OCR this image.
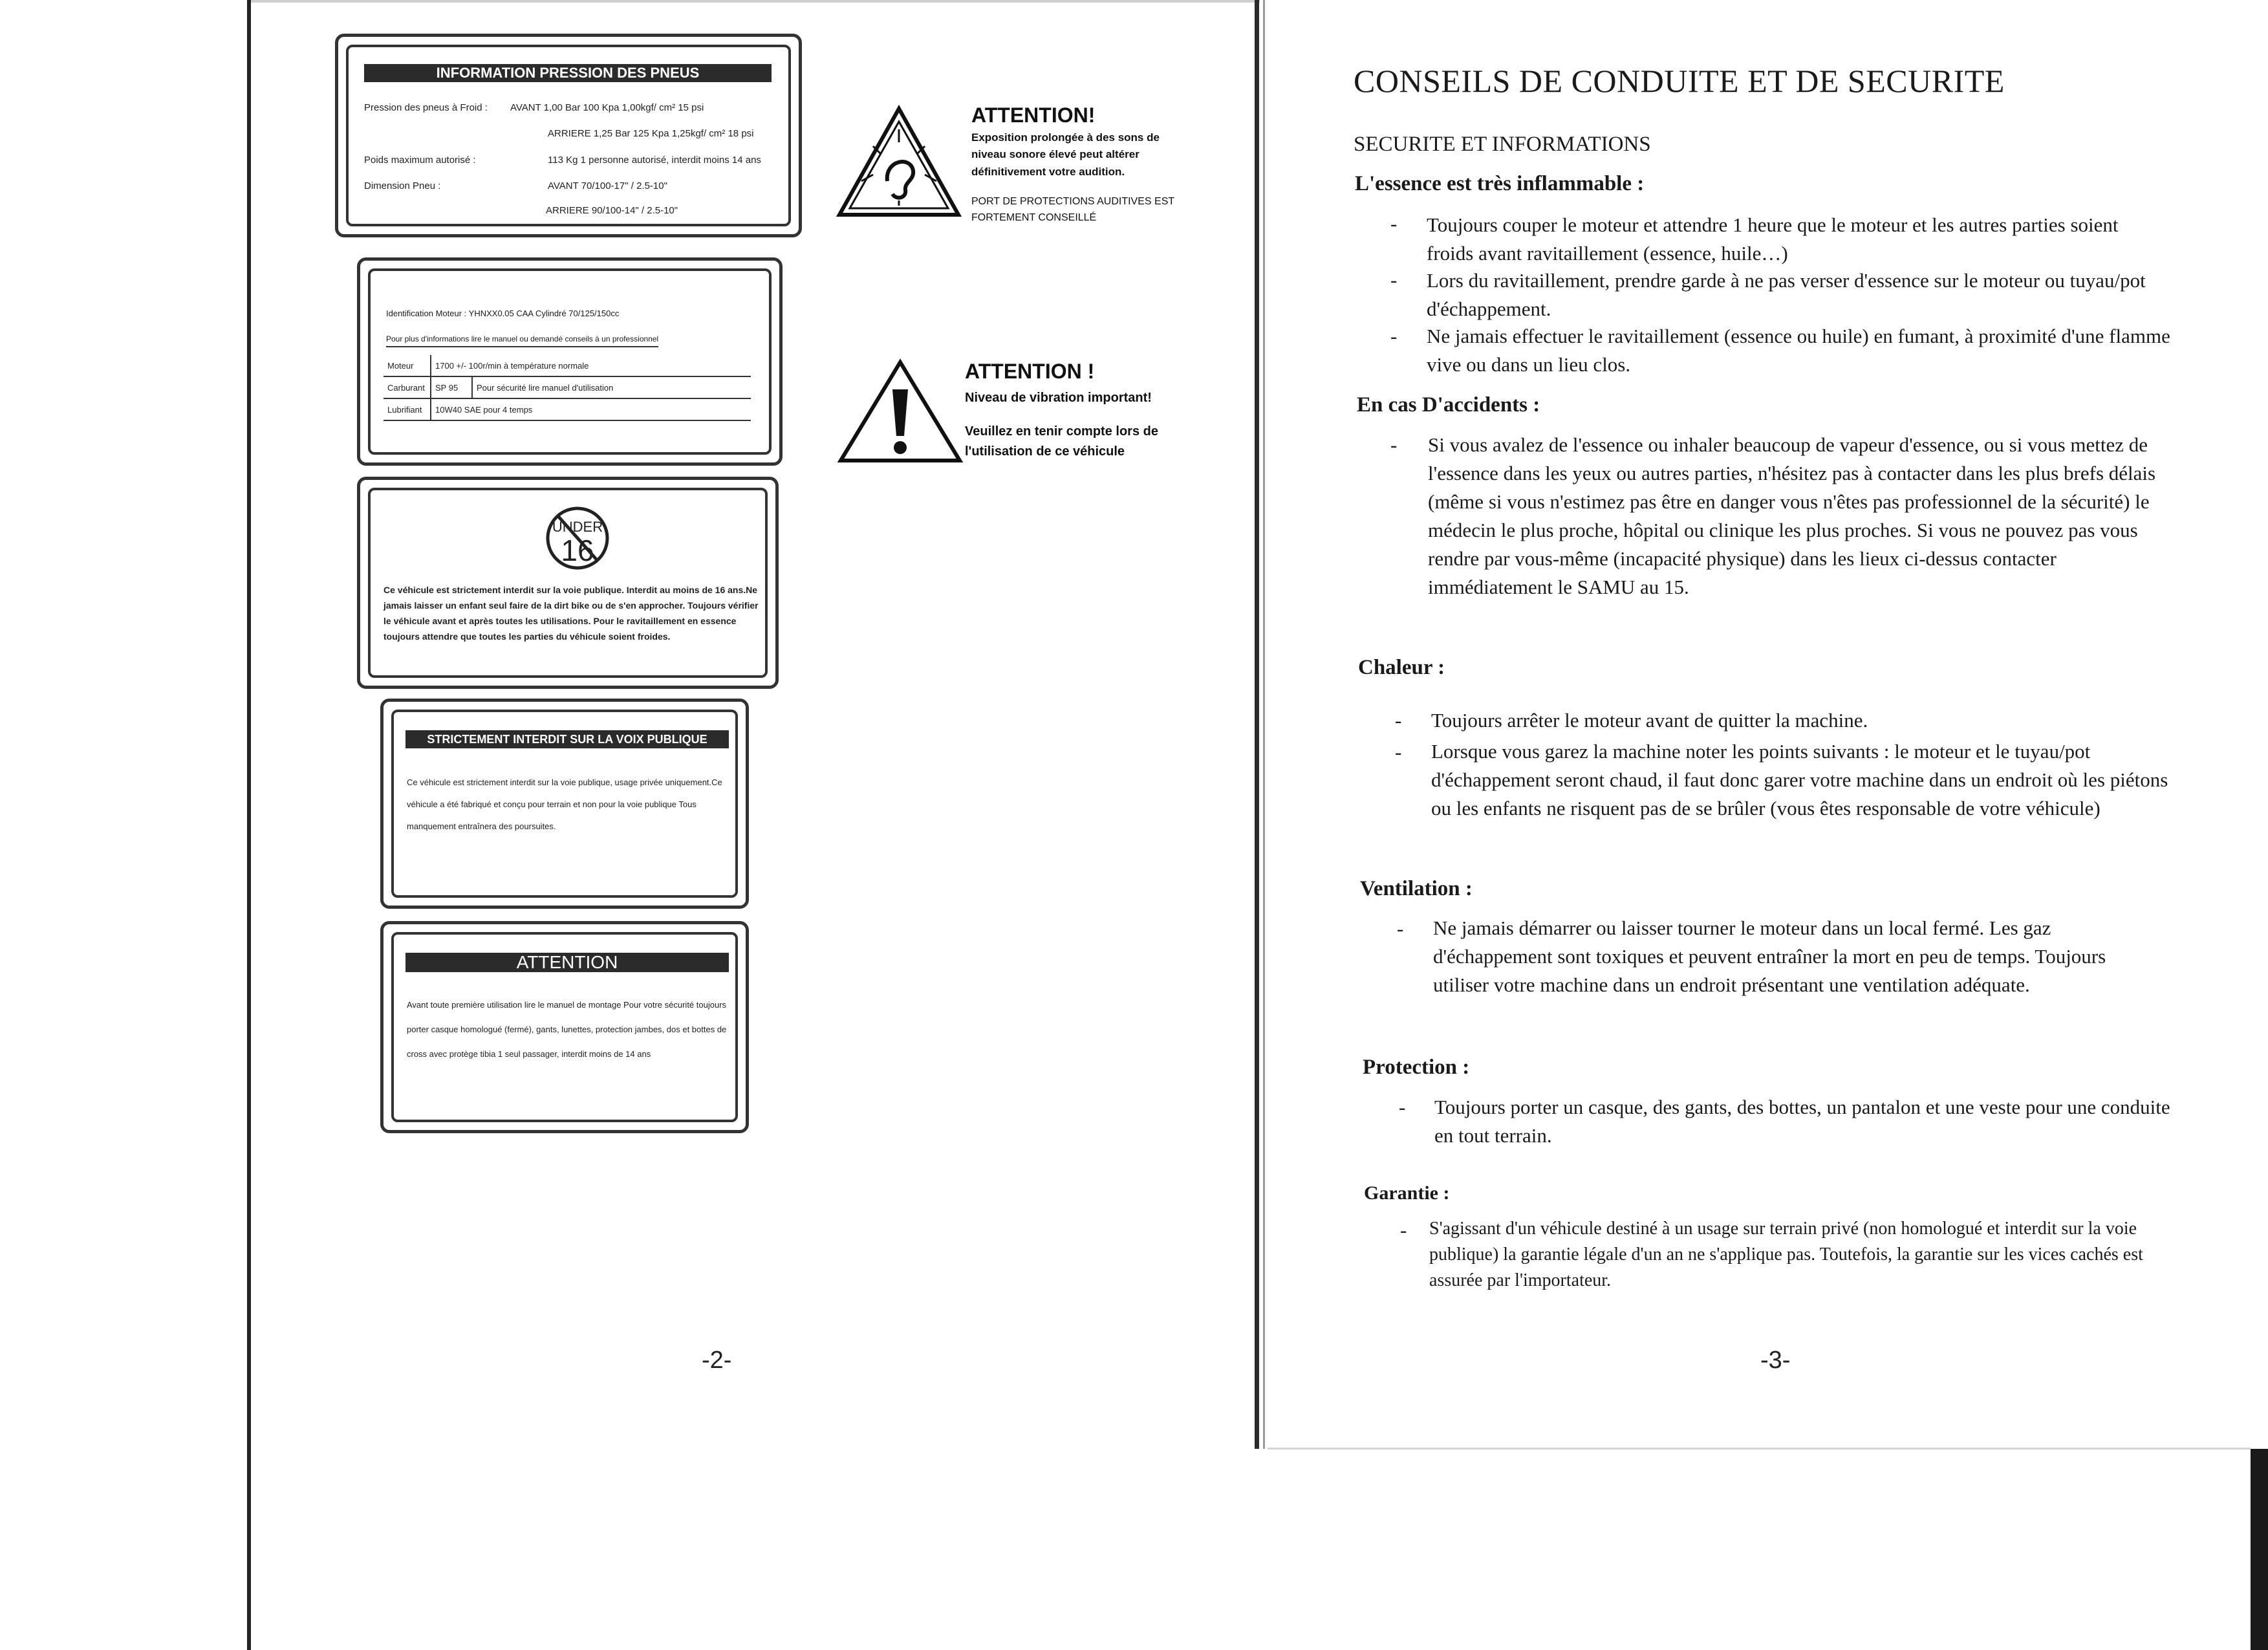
INFORMATION PRESSION DES PNEUS
Pression des pneus à Froid : AVANT 1,00 Bar 100 Kpa 1,00kgf/ cm² 15 psi
ARRIERE 1,25 Bar 125 Kpa 1,25kgf/ cm² 18 psi
Poids maximum autorisé :	113 Kg 1 personne autorisé, interdit moins 14 ans
Dimension Pneu :	AVANT 70/100-17" / 2.5-10"
ARRIERE 90/100-14" / 2.5-10"
Identification Moteur : YHNXX0.05 CAA Cylindré 70/125/150cc
Pour plus d'informations lire le manuel ou demandé conseils à un professionnel
Moteur	1700 +/- 100r/min à température normale	
Carburant	SP 95	Pour sécurité lire manuel d'utilisation
Lubrifiant	10W40 SAE pour 4 temps	
UNDER
16
Ce véhicule est strictement interdit sur la voie publique. Interdit au moins de 16 ans.Ne jamais laisser un enfant seul faire de la dirt bike ou de s'en approcher. Toujours vérifier le véhicule avant et après toutes les utilisations. Pour le ravitaillement en essence toujours attendre que toutes les parties du véhicule soient froides.
STRICTEMENT INTERDIT SUR LA VOIX PUBLIQUE
Ce véhicule est strictement interdit sur la voie publique, usage privée uniquement.Ce véhicule a été fabriqué et conçu pour terrain et non pour la voie publique Tous manquement entraînera des poursuites.
ATTENTION
Avant toute première utilisation lire le manuel de montage Pour votre sécurité toujours porter casque homologué (fermé), gants, lunettes, protection jambes, dos et bottes de cross avec protège tibia 1 seul passager, interdit moins de 14 ans
ATTENTION!
Exposition prolongée à des sons de niveau sonore élevé peut altérer définitivement votre audition.
PORT DE PROTECTIONS AUDITIVES EST FORTEMENT CONSEILLÉ
ATTENTION !
Niveau de vibration important!
Veuillez en tenir compte lors de l'utilisation de ce véhicule
-2-
CONSEILS DE CONDUITE ET DE SECURITE
SECURITE ET INFORMATIONS
L'essence est très inflammable :
- Toujours couper le moteur et attendre 1 heure que le moteur et les autres parties soient froids avant ravitaillement (essence, huile…)
- Lors du ravitaillement, prendre garde à ne pas verser d'essence sur le moteur ou tuyau/pot d'échappement.
- Ne jamais effectuer le ravitaillement (essence ou huile) en fumant, à proximité d'une flamme vive ou dans un lieu clos.
En cas D'accidents :
- Si vous avalez de l'essence ou inhaler beaucoup de vapeur d'essence, ou si vous mettez de l'essence dans les yeux ou autres parties, n'hésitez pas à contacter dans les plus brefs délais (même si vous n'estimez pas être en danger vous n'êtes pas professionnel de la sécurité) le médecin le plus proche, hôpital ou clinique les plus proches. Si vous ne pouvez pas vous rendre par vous-même (incapacité physique) dans les lieux ci-dessus contacter immédiatement le SAMU au 15.
Chaleur :
- Toujours arrêter le moteur avant de quitter la machine.
- Lorsque vous garez la machine noter les points suivants : le moteur et le tuyau/pot d'échappement seront chaud, il faut donc garer votre machine dans un endroit où les piétons ou les enfants ne risquent pas de se brûler (vous êtes responsable de votre véhicule)
Ventilation :
- Ne jamais démarrer ou laisser tourner le moteur dans un local fermé. Les gaz d'échappement sont toxiques et peuvent entraîner la mort en peu de temps. Toujours utiliser votre machine dans un endroit présentant une ventilation adéquate.
Protection :
- Toujours porter un casque, des gants, des bottes, un pantalon et une veste pour une conduite en tout terrain.
Garantie :
- S'agissant d'un véhicule destiné à un usage sur terrain privé (non homologué et interdit sur la voie publique) la garantie légale d'un an ne s'applique pas. Toutefois, la garantie sur les vices cachés est assurée par l'importateur.
-3-
